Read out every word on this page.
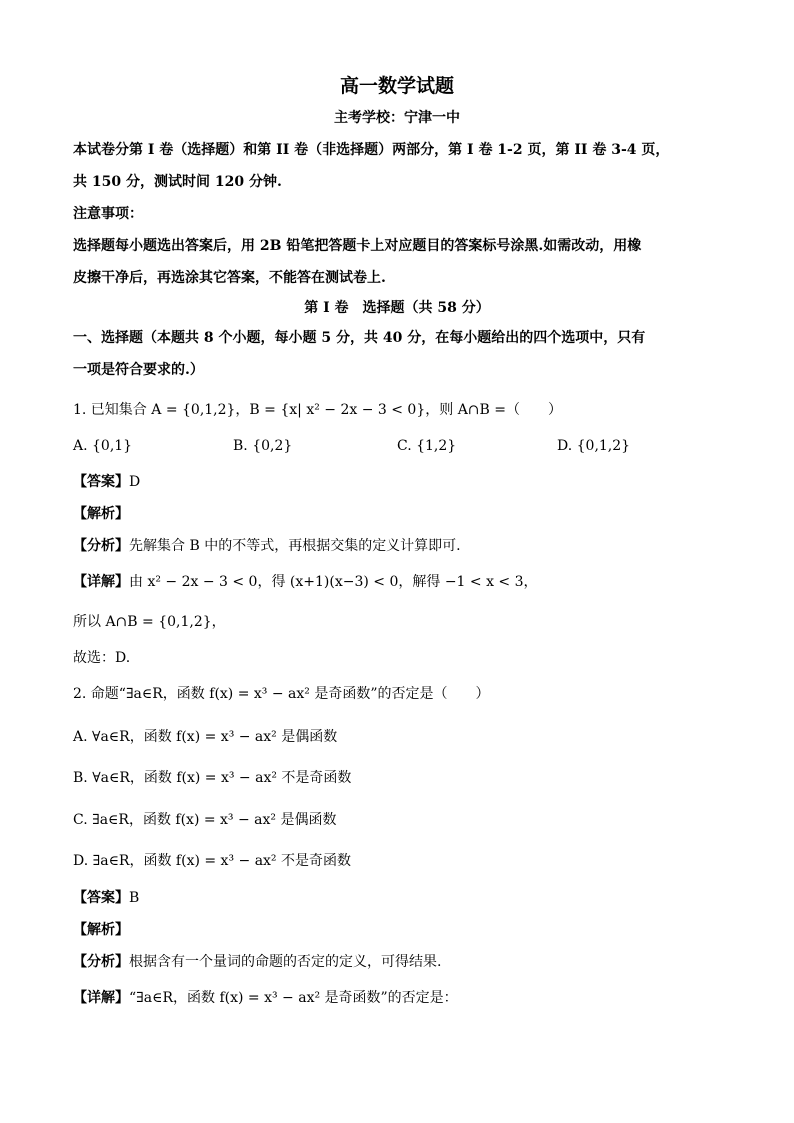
高一数学试题
主考学校：宁津一中
本试卷分第 I 卷（选择题）和第 II 卷（非选择题）两部分，第 I 卷 1-2 页，第 II 卷 3-4 页，
共 150 分，测试时间 120 分钟.
注意事项：
选择题每小题选出答案后，用 2B 铅笔把答题卡上对应题目的答案标号涂黑.如需改动，用橡
皮擦干净后，再选涂其它答案，不能答在测试卷上.
第 I 卷　选择题（共 58 分）
一、选择题（本题共 8 个小题，每小题 5 分，共 40 分，在每小题给出的四个选项中，只有
一项是符合要求的.）
1. 已知集合 A = {0,1,2}，B = {x| x² − 2x − 3 < 0}，则 A∩B =（　　）
A. {0,1}	B. {0,2}	C. {1,2}	D. {0,1,2}
【答案】D
【解析】
【分析】先解集合 B 中的不等式，再根据交集的定义计算即可.
【详解】由 x² − 2x − 3 < 0，得 (x+1)(x−3) < 0，解得 −1 < x < 3，
所以 A∩B = {0,1,2}，
故选：D.
2. 命题“∃a∈R，函数 f(x) = x³ − ax² 是奇函数”的否定是（　　）
A. ∀a∈R，函数 f(x) = x³ − ax² 是偶函数
B. ∀a∈R，函数 f(x) = x³ − ax² 不是奇函数
C. ∃a∈R，函数 f(x) = x³ − ax² 是偶函数
D. ∃a∈R，函数 f(x) = x³ − ax² 不是奇函数
【答案】B
【解析】
【分析】根据含有一个量词的命题的否定的定义，可得结果.
【详解】“∃a∈R，函数 f(x) = x³ − ax² 是奇函数”的否定是：
